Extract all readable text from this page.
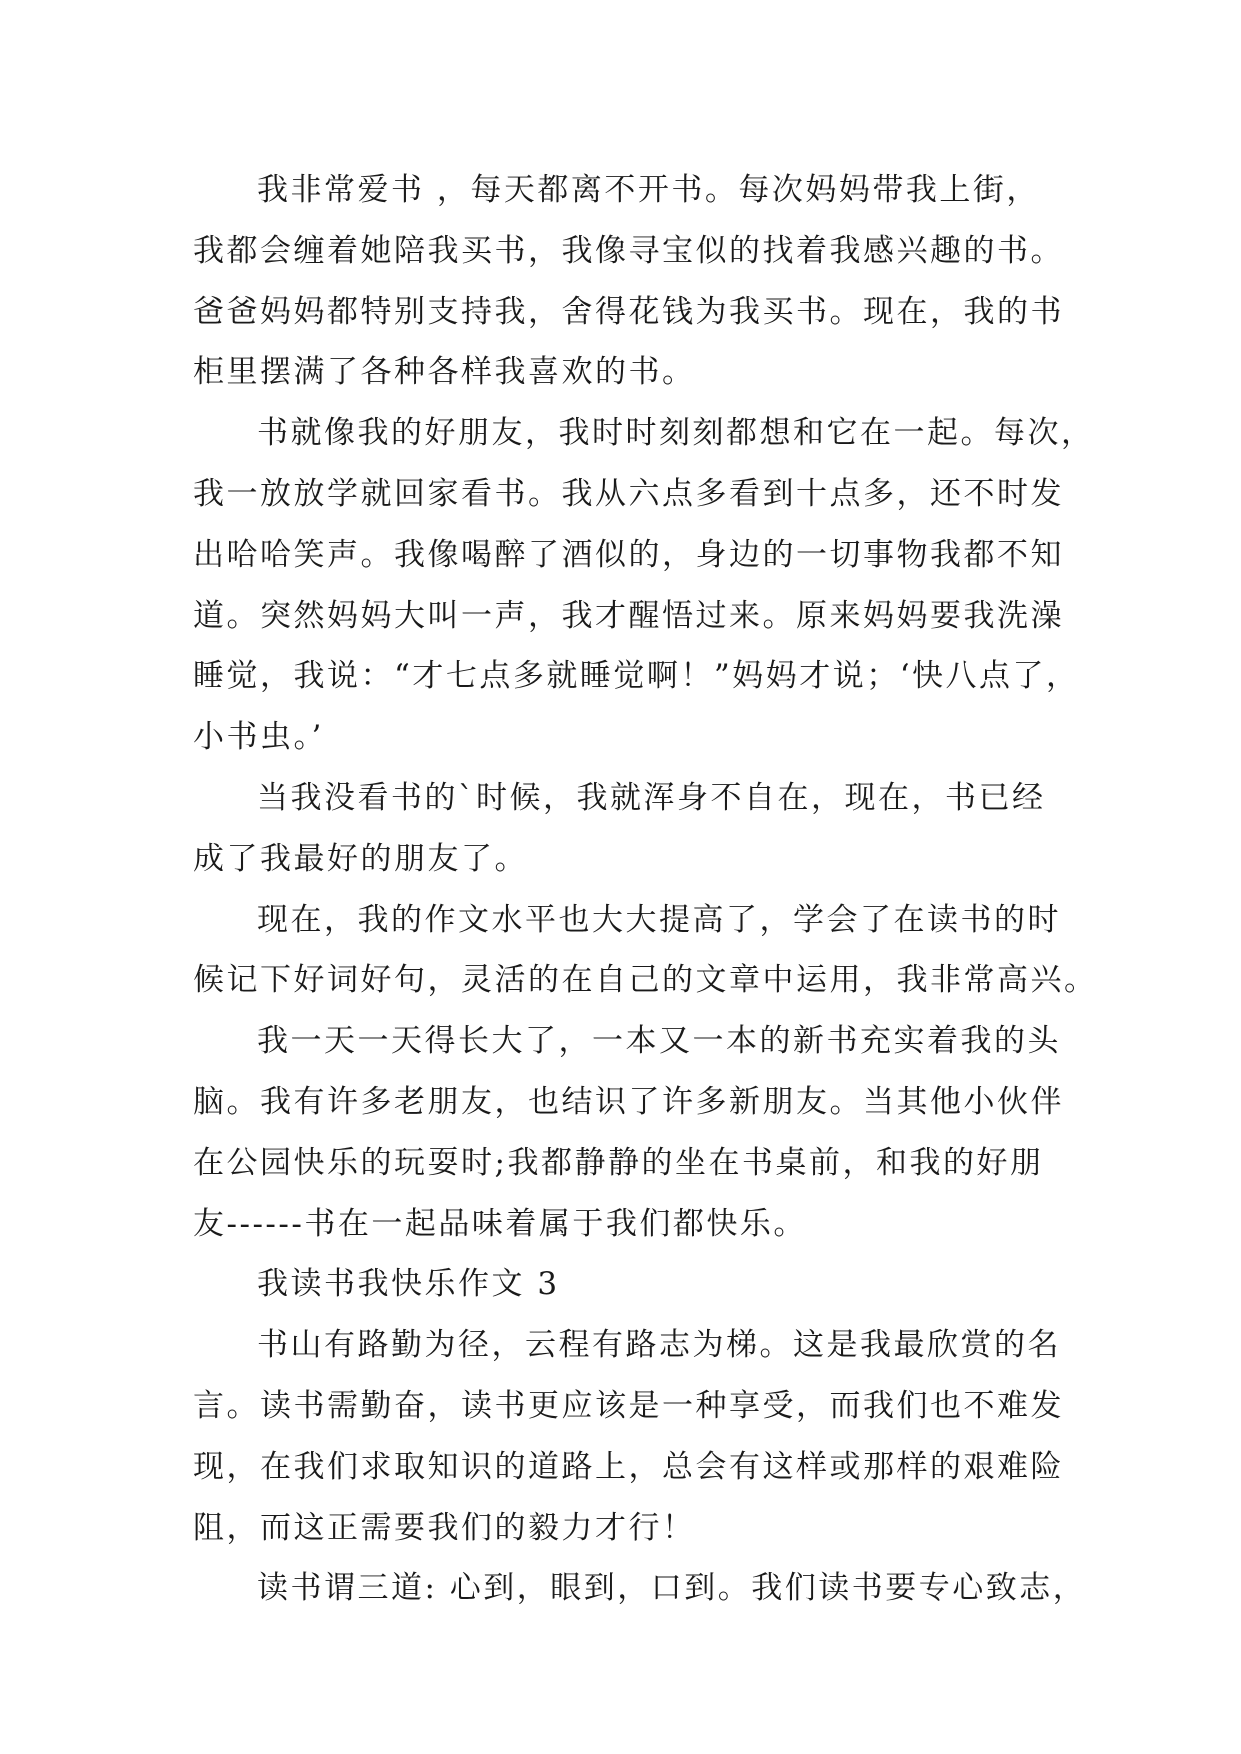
我非常爱书 ，每天都离不开书。每次妈妈带我上街，
我都会缠着她陪我买书，我像寻宝似的找着我感兴趣的书。
爸爸妈妈都特别支持我，舍得花钱为我买书。现在，我的书
柜里摆满了各种各样我喜欢的书。
书就像我的好朋友，我时时刻刻都想和它在一起。每次，
我一放放学就回家看书。我从六点多看到十点多，还不时发
出哈哈笑声。我像喝醉了酒似的，身边的一切事物我都不知
道。突然妈妈大叫一声，我才醒悟过来。原来妈妈要我洗澡
睡觉，我说：“才七点多就睡觉啊！”妈妈才说；‘快八点了，
小书虫。’
当我没看书的`时候，我就浑身不自在，现在，书已经
成了我最好的朋友了。
现在，我的作文水平也大大提高了，学会了在读书的时
候记下好词好句，灵活的在自己的文章中运用，我非常高兴。
我一天一天得长大了，一本又一本的新书充实着我的头
脑。我有许多老朋友，也结识了许多新朋友。当其他小伙伴
在公园快乐的玩耍时;我都静静的坐在书桌前，和我的好朋
友------书在一起品味着属于我们都快乐。
我读书我快乐作文 3
书山有路勤为径，云程有路志为梯。这是我最欣赏的名
言。读书需勤奋，读书更应该是一种享受，而我们也不难发
现，在我们求取知识的道路上，总会有这样或那样的艰难险
阻，而这正需要我们的毅力才行！
读书谓三道: 心到，眼到，口到。我们读书要专心致志，
